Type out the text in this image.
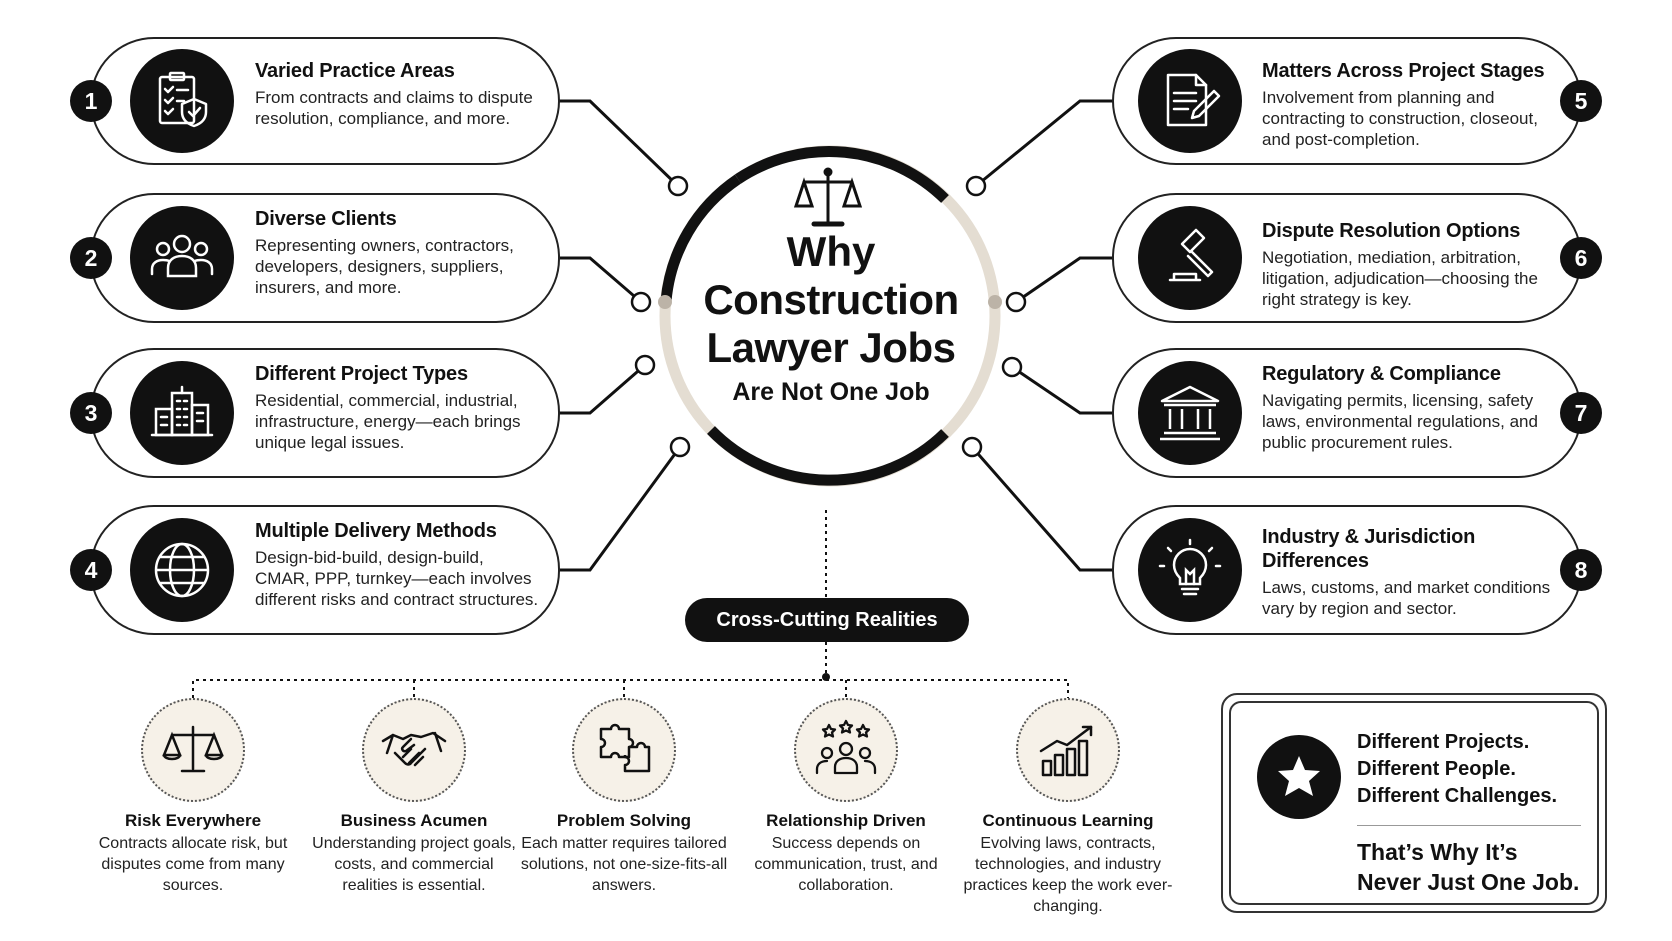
Why
Construction
Lawyer Jobs
Are Not One Job
1
Varied Practice Areas
From contracts and claims to dispute resolution, compliance, and more.
2
Diverse Clients
Representing owners, contractors, developers, designers, suppliers, insurers, and more.
3
Different Project Types
Residential, commercial, industrial, infrastructure, energy—each brings unique legal issues.
4
Multiple Delivery Methods
Design-bid-build, design-build, CMAR, PPP, turnkey—each involves different risks and contract structures.
5
Matters Across Project Stages
Involvement from planning and contracting to construction, closeout, and post-completion.
6
Dispute Resolution Options
Negotiation, mediation, arbitration, litigation, adjudication—choosing the right strategy is key.
7
Regulatory & Compliance
Navigating permits, licensing, safety laws, environmental regulations, and public procurement rules.
8
Industry & Jurisdiction Differences
Laws, customs, and market conditions vary by region and sector.
Cross-Cutting Realities
Risk Everywhere
Contracts allocate risk, but disputes come from many sources.
Business Acumen
Understanding project goals, costs, and commercial realities is essential.
Problem Solving
Each matter requires tailored solutions, not one-size-fits-all answers.
Relationship Driven
Success depends on communication, trust, and collaboration.
Continuous Learning
Evolving laws, contracts, technologies, and industry practices keep the work ever-changing.
Different Projects.
Different People.
Different Challenges.
That’s Why It’s
Never Just One Job.
